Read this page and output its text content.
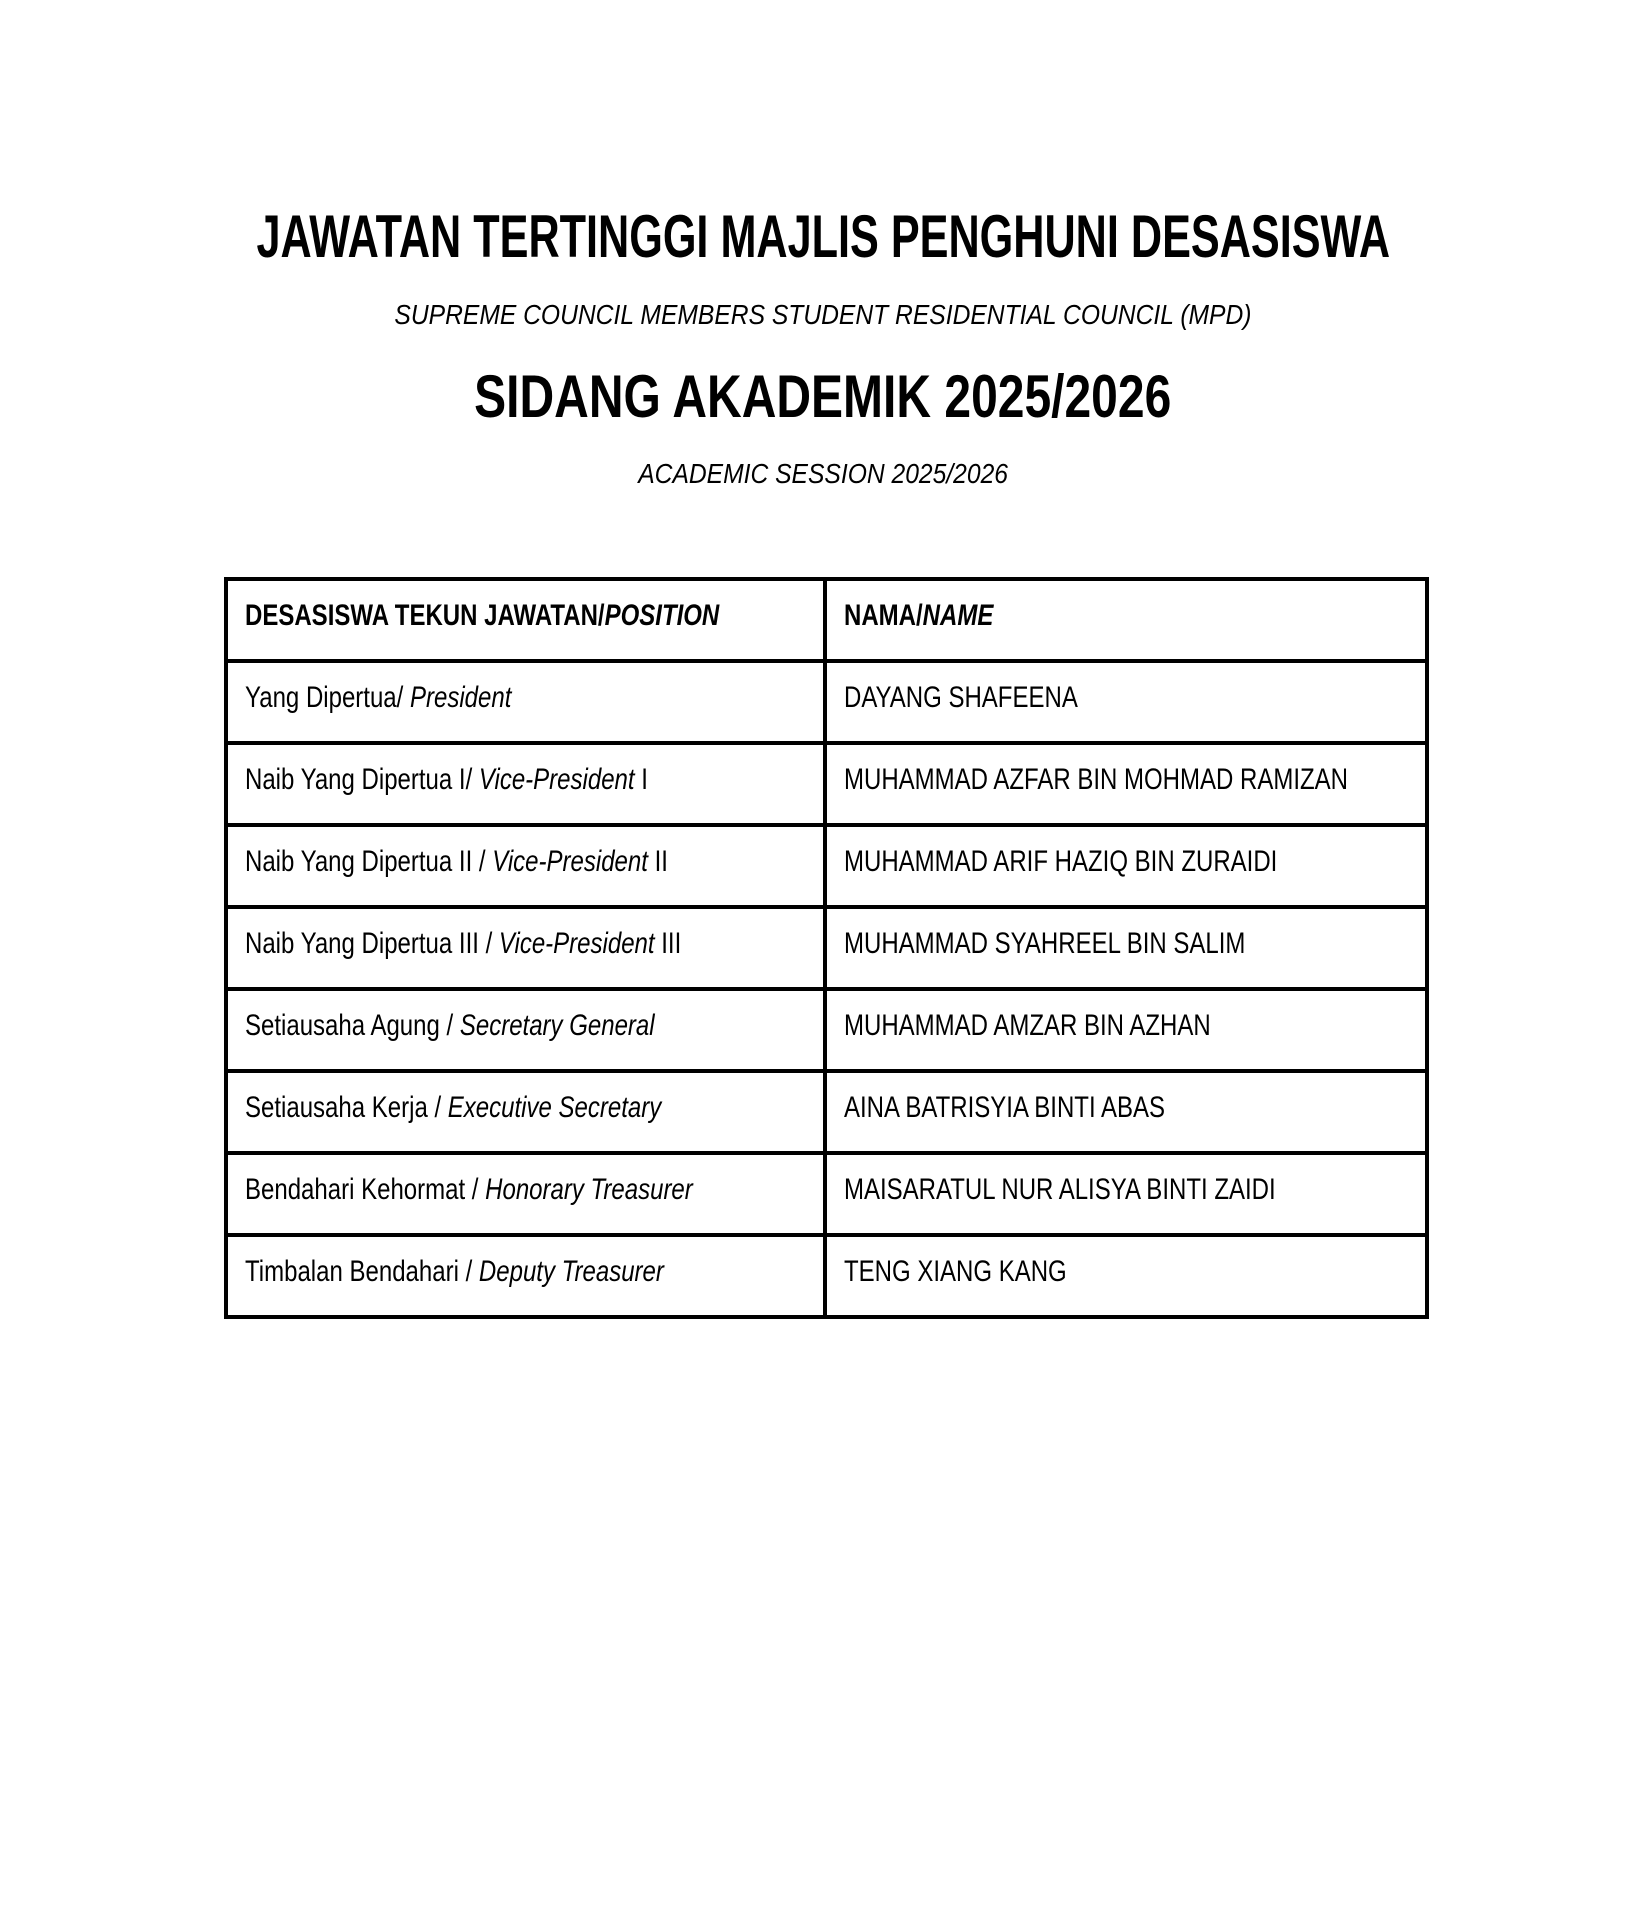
JAWATAN TERTINGGI MAJLIS PENGHUNI DESASISWA
SUPREME COUNCIL MEMBERS STUDENT RESIDENTIAL COUNCIL (MPD)
SIDANG AKADEMIK 2025/2026
ACADEMIC SESSION 2025/2026
DESASISWA TEKUN JAWATAN/POSITION	NAMA/NAME
Yang Dipertua/ President	DAYANG SHAFEENA
Naib Yang Dipertua I/ Vice-President I	MUHAMMAD AZFAR BIN MOHMAD RAMIZAN
Naib Yang Dipertua II / Vice-President II	MUHAMMAD ARIF HAZIQ BIN ZURAIDI
Naib Yang Dipertua III / Vice-President III	MUHAMMAD SYAHREEL BIN SALIM
Setiausaha Agung / Secretary General	MUHAMMAD AMZAR BIN AZHAN
Setiausaha Kerja / Executive Secretary	AINA BATRISYIA BINTI ABAS
Bendahari Kehormat / Honorary Treasurer	MAISARATUL NUR ALISYA BINTI ZAIDI
Timbalan Bendahari / Deputy Treasurer	TENG XIANG KANG
